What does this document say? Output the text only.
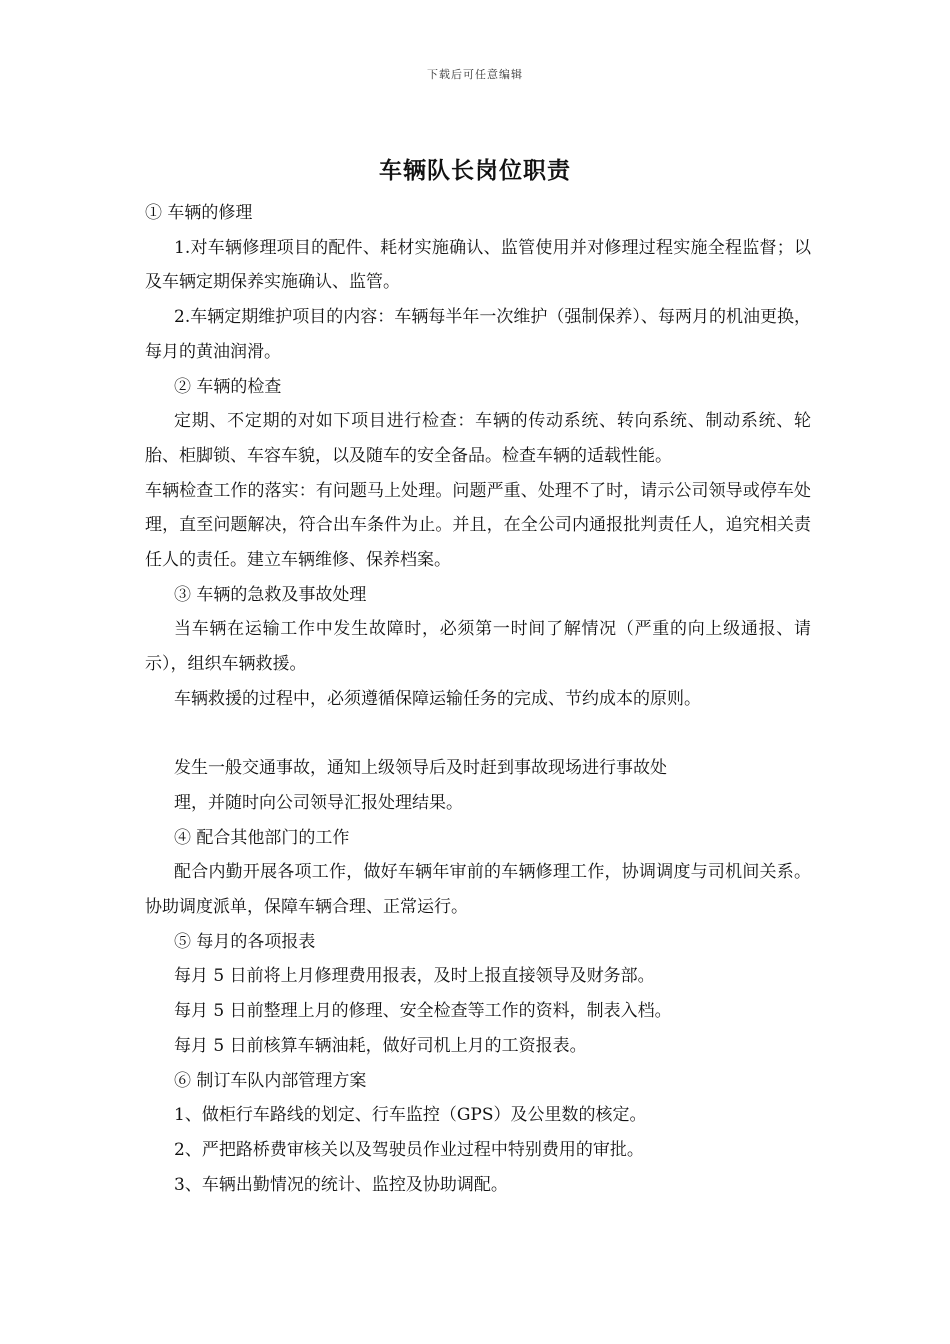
下载后可任意编辑
车辆队长岗位职责

① 车辆的修理

1.对车辆修理项目的配件、耗材实施确认、监管使用并对修理过程实施全程监督；以及车辆定期保养实施确认、监管。

2.车辆定期维护项目的内容：车辆每半年一次维护（强制保养）、每两月的机油更换，每月的黄油润滑。

② 车辆的检查

定期、不定期的对如下项目进行检查：车辆的传动系统、转向系统、制动系统、轮胎、柜脚锁、车容车貌，以及随车的安全备品。检查车辆的适载性能。

车辆检查工作的落实：有问题马上处理。问题严重、处理不了时，请示公司领导或停车处理，直至问题解决，符合出车条件为止。并且，在全公司内通报批判责任人，追究相关责任人的责任。建立车辆维修、保养档案。

③ 车辆的急救及事故处理

当车辆在运输工作中发生故障时，必须第一时间了解情况（严重的向上级通报、请示），组织车辆救援。

车辆救援的过程中，必须遵循保障运输任务的完成、节约成本的原则。

发生一般交通事故，通知上级领导后及时赶到事故现场进行事故处

理，并随时向公司领导汇报处理结果。

④ 配合其他部门的工作

配合内勤开展各项工作，做好车辆年审前的车辆修理工作，协调调度与司机间关系。协助调度派单，保障车辆合理、正常运行。

⑤ 每月的各项报表

每月 5 日前将上月修理费用报表，及时上报直接领导及财务部。

每月 5 日前整理上月的修理、安全检查等工作的资料，制表入档。

每月 5 日前核算车辆油耗，做好司机上月的工资报表。

⑥ 制订车队内部管理方案

1、做柜行车路线的划定、行车监控（GPS）及公里数的核定。

2、严把路桥费审核关以及驾驶员作业过程中特别费用的审批。

3、车辆出勤情况的统计、监控及协助调配。
